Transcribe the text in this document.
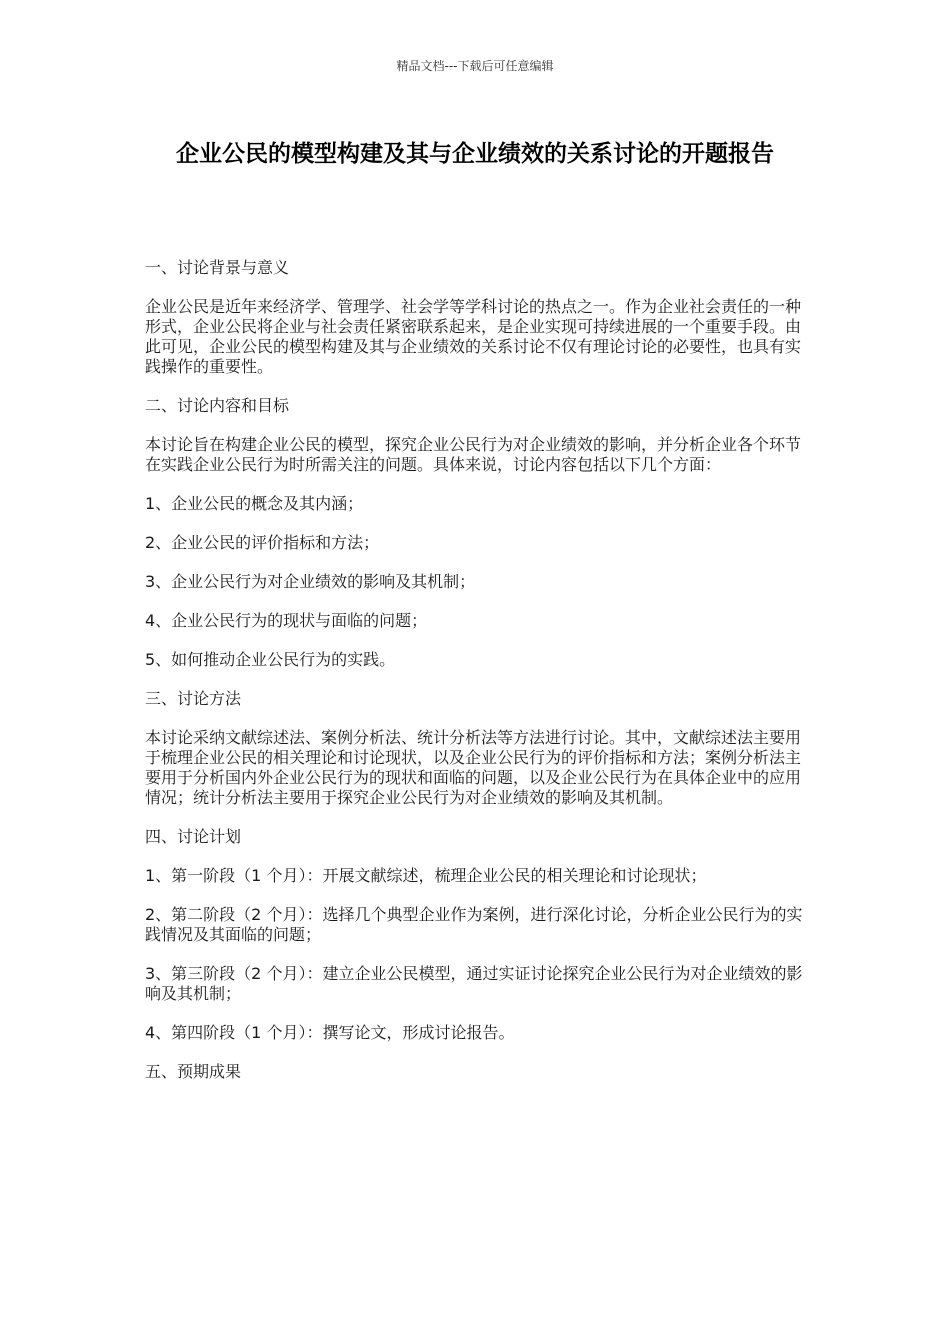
精品文档---下载后可任意编辑
企业公民的模型构建及其与企业绩效的关系讨论的开题报告

一、讨论背景与意义

企业公民是近年来经济学、管理学、社会学等学科讨论的热点之一。作为企业社会责任的一种形式，企业公民将企业与社会责任紧密联系起来，是企业实现可持续进展的一个重要手段。由此可见，企业公民的模型构建及其与企业绩效的关系讨论不仅有理论讨论的必要性，也具有实践操作的重要性。

二、讨论内容和目标

本讨论旨在构建企业公民的模型，探究企业公民行为对企业绩效的影响，并分析企业各个环节在实践企业公民行为时所需关注的问题。具体来说，讨论内容包括以下几个方面：

1、企业公民的概念及其内涵；

2、企业公民的评价指标和方法；

3、企业公民行为对企业绩效的影响及其机制；

4、企业公民行为的现状与面临的问题；

5、如何推动企业公民行为的实践。

三、讨论方法

本讨论采纳文献综述法、案例分析法、统计分析法等方法进行讨论。其中，文献综述法主要用于梳理企业公民的相关理论和讨论现状，以及企业公民行为的评价指标和方法；案例分析法主要用于分析国内外企业公民行为的现状和面临的问题，以及企业公民行为在具体企业中的应用情况；统计分析法主要用于探究企业公民行为对企业绩效的影响及其机制。

四、讨论计划

1、第一阶段（1 个月）：开展文献综述，梳理企业公民的相关理论和讨论现状；

2、第二阶段（2 个月）：选择几个典型企业作为案例，进行深化讨论，分析企业公民行为的实践情况及其面临的问题；

3、第三阶段（2 个月）：建立企业公民模型，通过实证讨论探究企业公民行为对企业绩效的影响及其机制；

4、第四阶段（1 个月）：撰写论文，形成讨论报告。

五、预期成果
